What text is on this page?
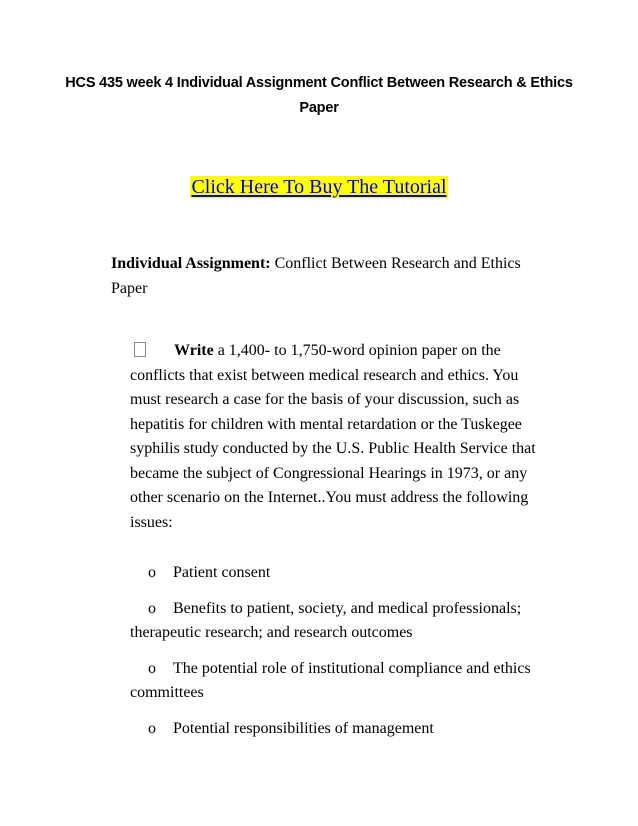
HCS 435 week 4 Individual Assignment Conflict Between Research & Ethics Paper
Click Here To Buy The Tutorial
Individual Assignment: Conflict Between Research and Ethics Paper
Write a 1,400- to 1,750-word opinion paper on the conflicts that exist between medical research and ethics. You must research a case for the basis of your discussion, such as hepatitis for children with mental retardation or the Tuskegee syphilis study conducted by the U.S. Public Health Service that became the subject of Congressional Hearings in 1973, or any other scenario on the Internet..You must address the following issues:
o Patient consent
o Benefits to patient, society, and medical professionals; therapeutic research; and research outcomes
o The potential role of institutional compliance and ethics committees
o Potential responsibilities of management
